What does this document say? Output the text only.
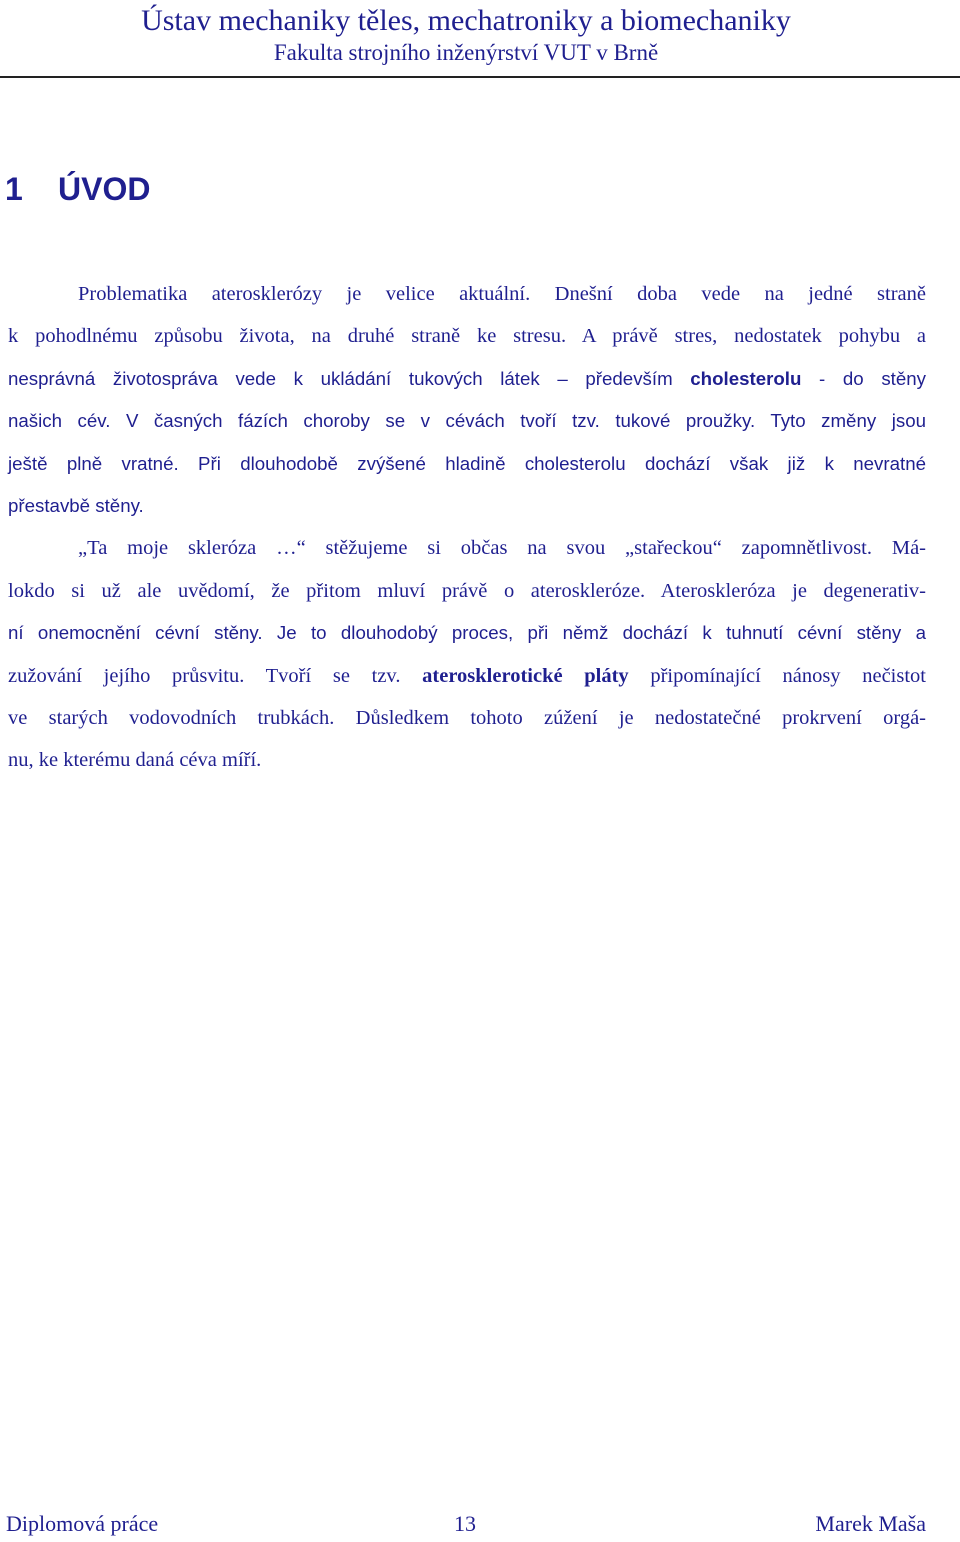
Ústav mechaniky těles, mechatroniky a biomechaniky
Fakulta strojního inženýrství VUT v Brně
1 ÚVOD

Problematika aterosklerózy je velice aktuální. Dnešní doba vede na jedné straně
k pohodlnému způsobu života, na druhé straně ke stresu. A právě stres, nedostatek pohybu a
nesprávná životospráva vede k ukládání tukových látek – především cholesterolu - do stěny
našich cév. V časných fázích choroby se v cévách tvoří tzv. tukové proužky. Tyto změny jsou
ještě plně vratné. Při dlouhodobě zvýšené hladině cholesterolu dochází však již k nevratné
přestavbě stěny.

„Ta moje skleróza …“ stěžujeme si občas na svou „stařeckou“ zapomnětlivost. Má-
lokdo si už ale uvědomí, že přitom mluví právě o ateroskleróze. Ateroskleróza je degenerativ-
ní onemocnění cévní stěny. Je to dlouhodobý proces, při němž dochází k tuhnutí cévní stěny a
zužování jejího průsvitu. Tvoří se tzv. aterosklerotické pláty připomínající nánosy nečistot
ve starých vodovodních trubkách. Důsledkem tohoto zúžení je nedostatečné prokrvení orgá-
nu, ke kterému daná céva míří.

Diplomová práce	13	Marek Maša
